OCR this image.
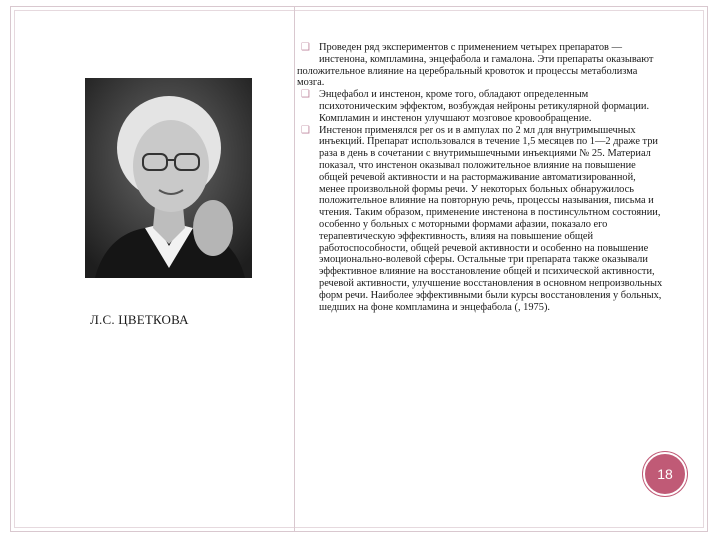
Л.С. ЦВЕТКОВА

❑ Проведен ряд экспериментов с применением четырех препаратов — инстенона, компламина, энцефабола и гамалона. Эти препараты оказывают

положительное влияние на церебральный кровоток и процессы метаболизма мозга.

❑ Энцефабол и инстенон, кроме того, обладают определенным психотоническим эффектом, возбуждая нейроны ретикулярной формации. Компламин и инстенон улучшают мозговое кровообращение.

❑ Инстенон применялся per os и в ампулах по 2 мл для внутримышечных инъекций. Препарат использовался в течение 1,5 месяцев по 1—2 драже три раза в день в сочетании с внутримышечными инъекциями № 25. Материал показал, что инстенон оказывал положительное влияние на повышение общей речевой активности и на растормаживание автоматизированной, менее произвольной формы речи. У некоторых больных обнаружилось положительное влияние на повторную речь, процессы называния, письма и чтения. Таким образом, применение инстенона в постинсультном состоянии, особенно у больных с моторными формами афазии, показало его терапевтическую эффективность, влияя на повышение общей работоспособности, общей речевой активности и особенно на повышение эмоционально-волевой сферы. Остальные три препарата также оказывали эффективное влияние на восстановление общей и психической активности, речевой активности, улучшение восстановления в основном непроизвольных форм речи. Наиболее эффективными были курсы восстановления у больных, шедших на фоне компламина и энцефабола (, 1975).

18
